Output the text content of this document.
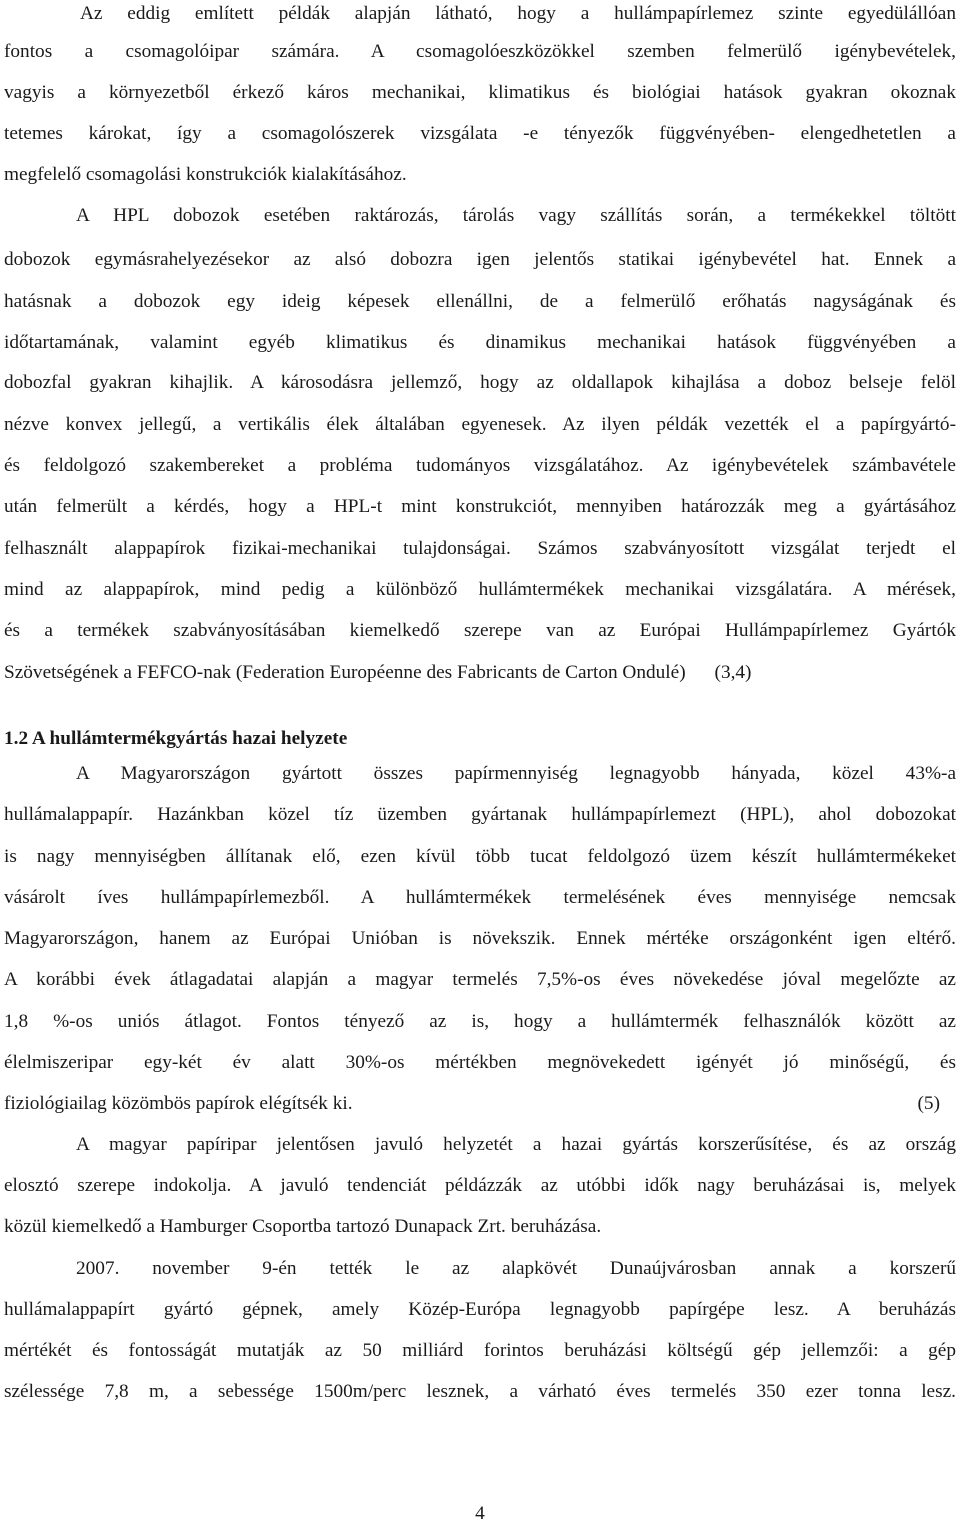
Az eddig említett példák alapján látható, hogy a hullámpapírlemez szinte egyedülállóan
fontos a csomagolóipar számára. A csomagolóeszközökkel szemben felmerülő igénybevételek,
vagyis a környezetből érkező káros mechanikai, klimatikus és biológiai hatások gyakran okoznak
tetemes károkat, így a csomagolószerek vizsgálata -e tényezők függvényében- elengedhetetlen a
megfelelő csomagolási konstrukciók kialakításához.
A HPL dobozok esetében raktározás, tárolás vagy szállítás során, a termékekkel töltött
dobozok egymásrahelyezésekor az alsó dobozra igen jelentős statikai igénybevétel hat. Ennek a
hatásnak a dobozok egy ideig képesek ellenállni, de a felmerülő erőhatás nagyságának és
időtartamának, valamint egyéb klimatikus és dinamikus mechanikai hatások függvényében a
dobozfal gyakran kihajlik. A károsodásra jellemző, hogy az oldallapok kihajlása a doboz belseje felöl
nézve konvex jellegű, a vertikális élek általában egyenesek. Az ilyen példák vezették el a papírgyártó-
és feldolgozó szakembereket a probléma tudományos vizsgálatához. Az igénybevételek számbavétele
után felmerült a kérdés, hogy a HPL-t mint konstrukciót, mennyiben határozzák meg a gyártásához
felhasznált alappapírok fizikai-mechanikai tulajdonságai. Számos szabványosított vizsgálat terjedt el
mind az alappapírok, mind pedig a különböző hullámtermékek mechanikai vizsgálatára. A mérések,
és a termékek szabványosításában kiemelkedő szerepe van az Európai Hullámpapírlemez Gyártók
Szövetségének a FEFCO-nak (Federation Européenne des Fabricants de Carton Ondulé)      (3,4)
1.2 A hullámtermékgyártás hazai helyzete
A Magyarországon gyártott összes papírmennyiség legnagyobb hányada, közel 43%-a
hullámalappapír. Hazánkban közel tíz üzemben gyártanak hullámpapírlemezt (HPL), ahol dobozokat
is nagy mennyiségben állítanak elő, ezen kívül több tucat feldolgozó üzem készít hullámtermékeket
vásárolt íves hullámpapírlemezből. A hullámtermékek termelésének éves mennyisége nemcsak
Magyarországon, hanem az Európai Unióban is növekszik. Ennek mértéke országonként igen eltérő.
A korábbi évek átlagadatai alapján a magyar termelés 7,5%-os éves növekedése jóval megelőzte az
1,8 %-os uniós átlagot. Fontos tényező az is, hogy a hullámtermék felhasználók között az
élelmiszeripar egy-két év alatt 30%-os mértékben megnövekedett igényét jó minőségű, és
fiziológiailag közömbös papírok elégítsék ki.	(5)
A magyar papíripar jelentősen javuló helyzetét a hazai gyártás korszerűsítése, és az ország
elosztó szerepe indokolja. A javuló tendenciát példázzák az utóbbi idők nagy beruházásai is, melyek
közül kiemelkedő a Hamburger Csoportba tartozó Dunapack Zrt. beruházása.
2007. november 9-én tették le az alapkövét Dunaújvárosban annak a korszerű
hullámalappapírt gyártó gépnek, amely Közép-Európa legnagyobb papírgépe lesz. A beruházás
mértékét és fontosságát mutatják az 50 milliárd forintos beruházási költségű gép jellemzői: a gép
szélessége 7,8 m, a sebessége 1500m/perc lesznek, a várható éves termelés 350 ezer tonna lesz.
4
